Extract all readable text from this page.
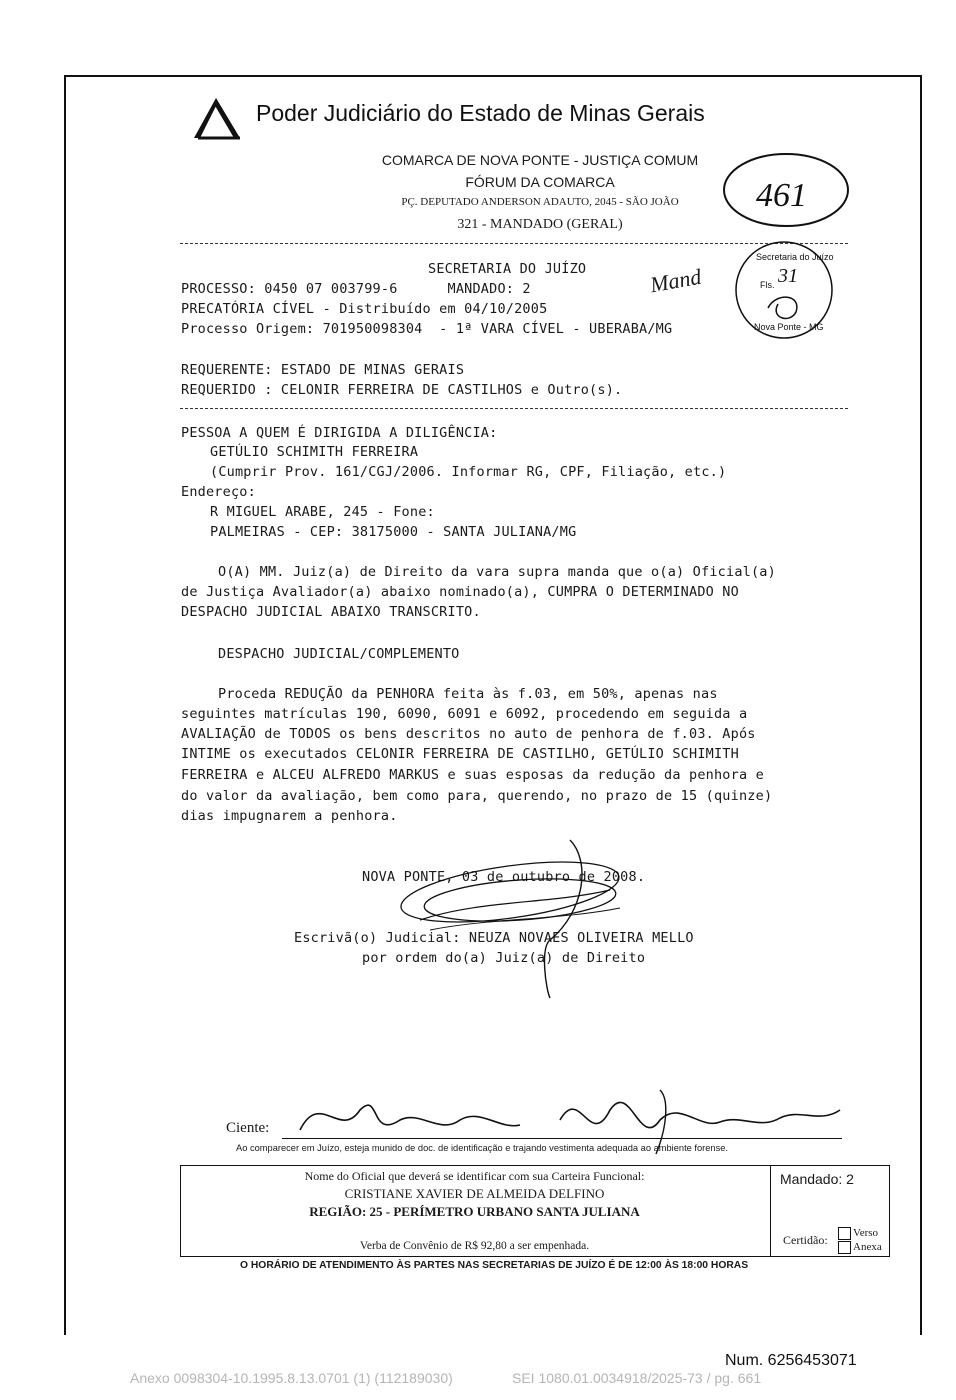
Poder Judiciário do Estado de Minas Gerais
COMARCA DE NOVA PONTE - JUSTIÇA COMUM
FÓRUM DA COMARCA
PÇ. DEPUTADO ANDERSON ADAUTO, 2045 - SÃO JOÃO
321 - MANDADO (GERAL)
461
Secretaria do Juízo
Fls. 31
Nova Ponte - MG
SECRETARIA DO JUÍZO	Mand
PROCESSO: 0450 07 003799-6      MANDADO: 2
PRECATÓRIA CÍVEL - Distribuído em 04/10/2005
Processo Origem: 701950098304  - 1ª VARA CÍVEL - UBERABA/MG
REQUERENTE: ESTADO DE MINAS GERAIS
REQUERIDO : CELONIR FERREIRA DE CASTILHOS e Outro(s).
PESSOA A QUEM É DIRIGIDA A DILIGÊNCIA:
GETÚLIO SCHIMITH FERREIRA
(Cumprir Prov. 161/CGJ/2006. Informar RG, CPF, Filiação, etc.)
Endereço:
R MIGUEL ARABE, 245 - Fone:
PALMEIRAS - CEP: 38175000 - SANTA JULIANA/MG
O(A) MM. Juiz(a) de Direito da vara supra manda que o(a) Oficial(a)
de Justiça Avaliador(a) abaixo nominado(a), CUMPRA O DETERMINADO NO
DESPACHO JUDICIAL ABAIXO TRANSCRITO.
DESPACHO JUDICIAL/COMPLEMENTO
Proceda REDUÇÃO da PENHORA feita às f.03, em 50%, apenas nas
seguintes matrículas 190, 6090, 6091 e 6092, procedendo em seguida a
AVALIAÇÃO de TODOS os bens descritos no auto de penhora de f.03. Após
INTIME os executados CELONIR FERREIRA DE CASTILHO, GETÚLIO SCHIMITH
FERREIRA e ALCEU ALFREDO MARKUS e suas esposas da redução da penhora e
do valor da avaliação, bem como para, querendo, no prazo de 15 (quinze)
dias impugnarem a penhora.
NOVA PONTE, 03 de outubro de 2008.
Escrivã(o) Judicial: NEUZA NOVAES OLIVEIRA MELLO
por ordem do(a) Juiz(a) de Direito
Ciente:
Ao comparecer em Juízo, esteja munido de doc. de identificação e trajando vestimenta adequada ao ambiente forense.
Nome do Oficial que deverá se identificar com sua Carteira Funcional:
CRISTIANE XAVIER DE ALMEIDA DELFINO
REGIÃO: 25 - PERÍMETRO URBANO SANTA JULIANA
Verba de Convênio de R$ 92,80 a ser empenhada.
Mandado: 2
Certidão:	Verso
Anexa
O HORÁRIO DE ATENDIMENTO ÀS PARTES NAS SECRETARIAS DE JUÍZO É DE 12:00 ÀS 18:00 HORAS
Num. 6256453071
Anexo 0098304-10.1995.8.13.0701 (1) (112189030)	SEI 1080.01.0034918/2025-73 / pg. 661
